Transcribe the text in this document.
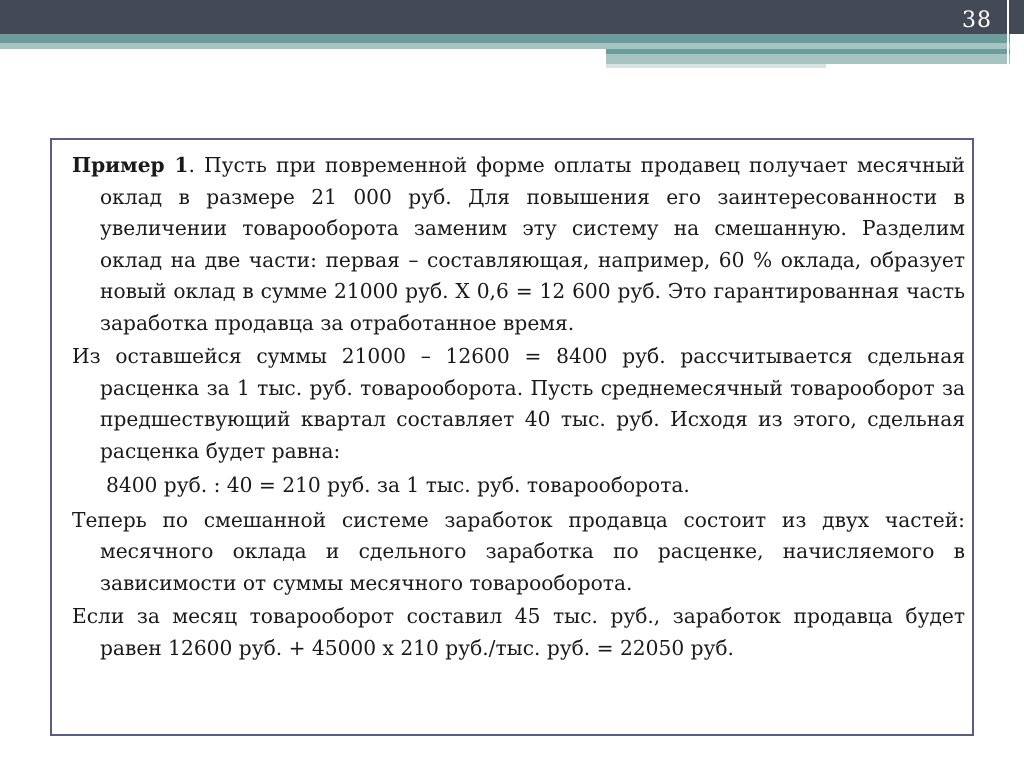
38

Пример 1. Пусть при повременной форме оплаты продавец получает месячный оклад в размере 21 000 руб. Для повышения его заинтересованности в увеличении товарооборота заменим эту систему на смешанную. Разделим оклад на две части: первая – составляющая, например, 60 % оклада, образует новый оклад в сумме 21000 руб. Х 0,6 = 12 600 руб. Это гарантированная часть заработка продавца за отработанное время.

Из оставшейся суммы 21000 – 12600 = 8400 руб. рассчитывается сдельная расценка за 1 тыс. руб. товарооборота. Пусть среднемесячный товарооборот за предшествующий квартал составляет 40 тыс. руб. Исходя из этого, сдельная расценка будет равна:

8400 руб. : 40 = 210 руб. за 1 тыс. руб. товарооборота.

Теперь по смешанной системе заработок продавца состоит из двух частей: месячного оклада и сдельного заработка по расценке, начисляемого в зависимости от суммы месячного товарооборота.

Если за месяц товарооборот составил 45 тыс. руб., заработок продавца будет равен 12600 руб. + 45000 х 210 руб./тыс. руб. = 22050 руб.
